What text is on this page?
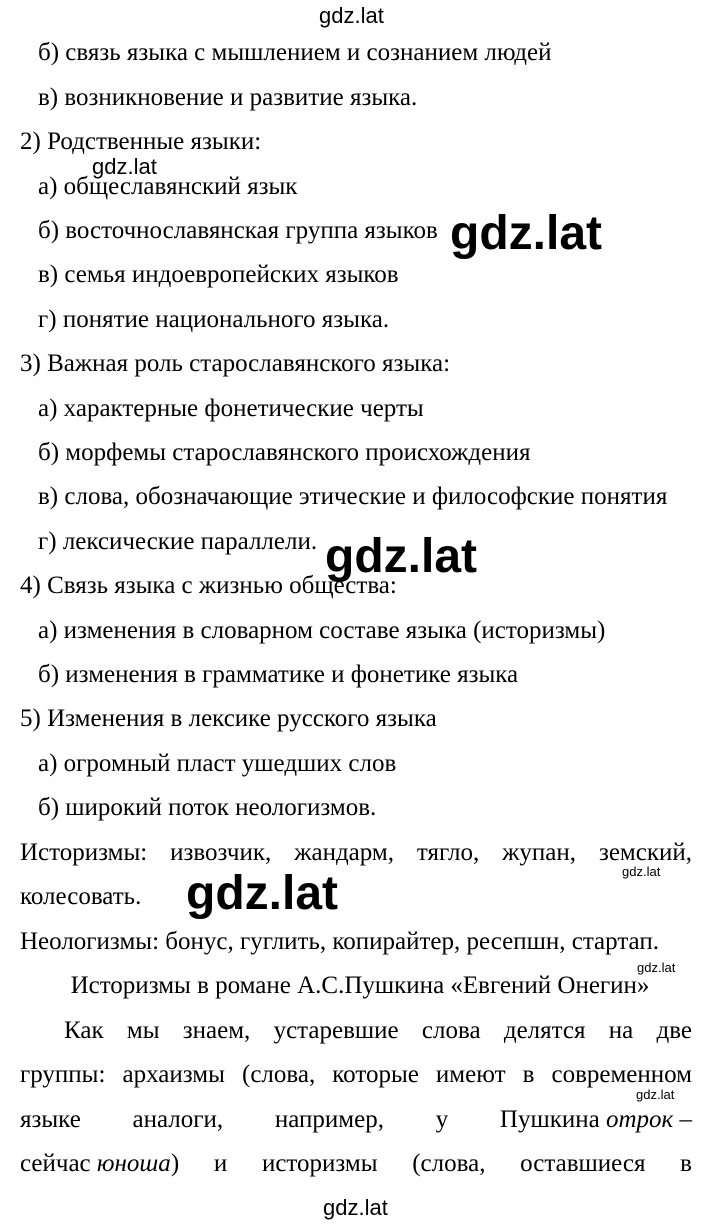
gdz.lat
б) связь языка с мышлением и сознанием людей
в) возникновение и развитие языка.
2) Родственные языки:
gdz.lat
а) общеславянский язык
б) восточнославянская группа языков gdz.lat
в) семья индоевропейских языков
г) понятие национального языка.
3) Важная роль старославянского языка:
а) характерные фонетические черты
б) морфемы старославянского происхождения
в) слова, обозначающие этические и философские понятия
г) лексические параллели. gdz.lat
4) Связь языка с жизнью общества:
а) изменения в словарном составе языка (историзмы)
б) изменения в грамматике и фонетике языка
5) Изменения в лексике русского языка
а) огромный пласт ушедших слов
б) широкий поток неологизмов.
Историзмы: извозчик, жандарм, тягло, жупан, земский,
gdz.lat
колесовать. gdz.lat
Неологизмы: бонус, гуглить, копирайтер, ресепшн, стартап.
gdz.lat
Историзмы в романе А.С.Пушкина «Евгений Онегин»
Как мы знаем, устаревшие слова делятся на две
группы: архаизмы (слова, которые имеют в современном
gdz.lat
языке аналоги, например, у Пушкина отрок –
сейчас юноша) и историзмы (слова, оставшиеся в
gdz.lat
